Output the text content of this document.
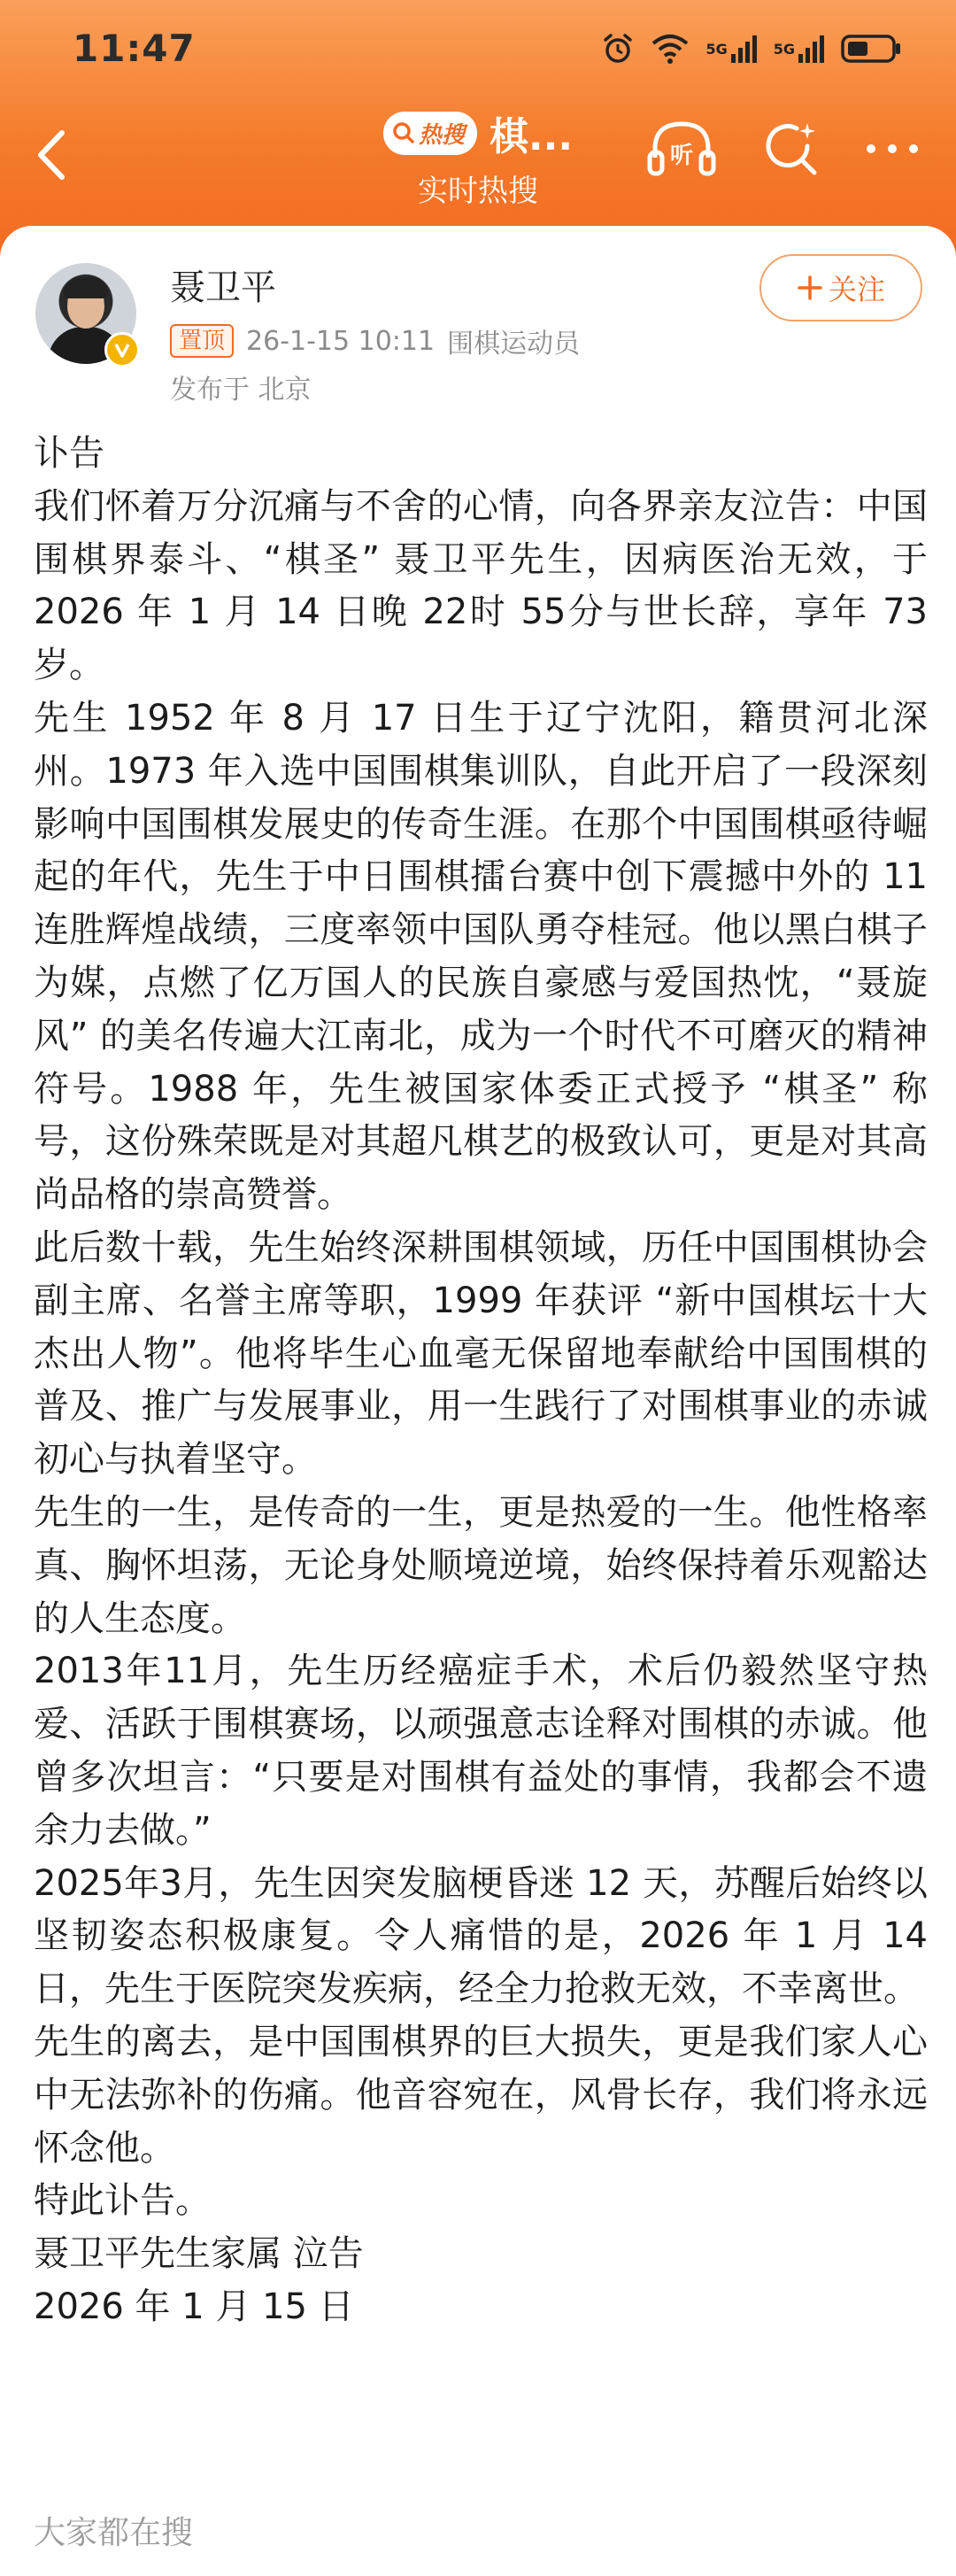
11:47	5G	5G
热搜 棋...
实时热搜
听
聂卫平
置顶 26-1-15 10:11 围棋运动员
发布于 北京
关注

讣告

我们怀着万分沉痛与不舍的心情，向各界亲友泣告：中国围棋界泰斗、“棋圣” 聂卫平先生，因病医治无效，于 2026 年 1 月 14 日晚 22时 55分与世长辞，享年 73 岁。

先生 1952 年 8 月 17 日生于辽宁沈阳，籍贯河北深州。1973 年入选中国围棋集训队，自此开启了一段深刻影响中国围棋发展史的传奇生涯。在那个中国围棋亟待崛起的年代，先生于中日围棋擂台赛中创下震撼中外的 11 连胜辉煌战绩，三度率领中国队勇夺桂冠。他以黑白棋子为媒，点燃了亿万国人的民族自豪感与爱国热忱，“聂旋风” 的美名传遍大江南北，成为一个时代不可磨灭的精神符号。1988 年，先生被国家体委正式授予 “棋圣” 称号，这份殊荣既是对其超凡棋艺的极致认可，更是对其高尚品格的崇高赞誉。

此后数十载，先生始终深耕围棋领域，历任中国围棋协会副主席、名誉主席等职，1999 年获评 “新中国棋坛十大杰出人物”。他将毕生心血毫无保留地奉献给中国围棋的普及、推广与发展事业，用一生践行了对围棋事业的赤诚初心与执着坚守。

先生的一生，是传奇的一生，更是热爱的一生。他性格率真、胸怀坦荡，无论身处顺境逆境，始终保持着乐观豁达的人生态度。

2013年11月，先生历经癌症手术，术后仍毅然坚守热爱、活跃于围棋赛场，以顽强意志诠释对围棋的赤诚。他曾多次坦言：“只要是对围棋有益处的事情，我都会不遗余力去做。”

2025年3月，先生因突发脑梗昏迷 12 天，苏醒后始终以坚韧姿态积极康复。令人痛惜的是，2026 年 1 月 14 日，先生于医院突发疾病，经全力抢救无效，不幸离世。

先生的离去，是中国围棋界的巨大损失，更是我们家人心中无法弥补的伤痛。他音容宛在，风骨长存，我们将永远怀念他。

特此讣告。

聂卫平先生家属 泣告

2026 年 1 月 15 日

大家都在搜
